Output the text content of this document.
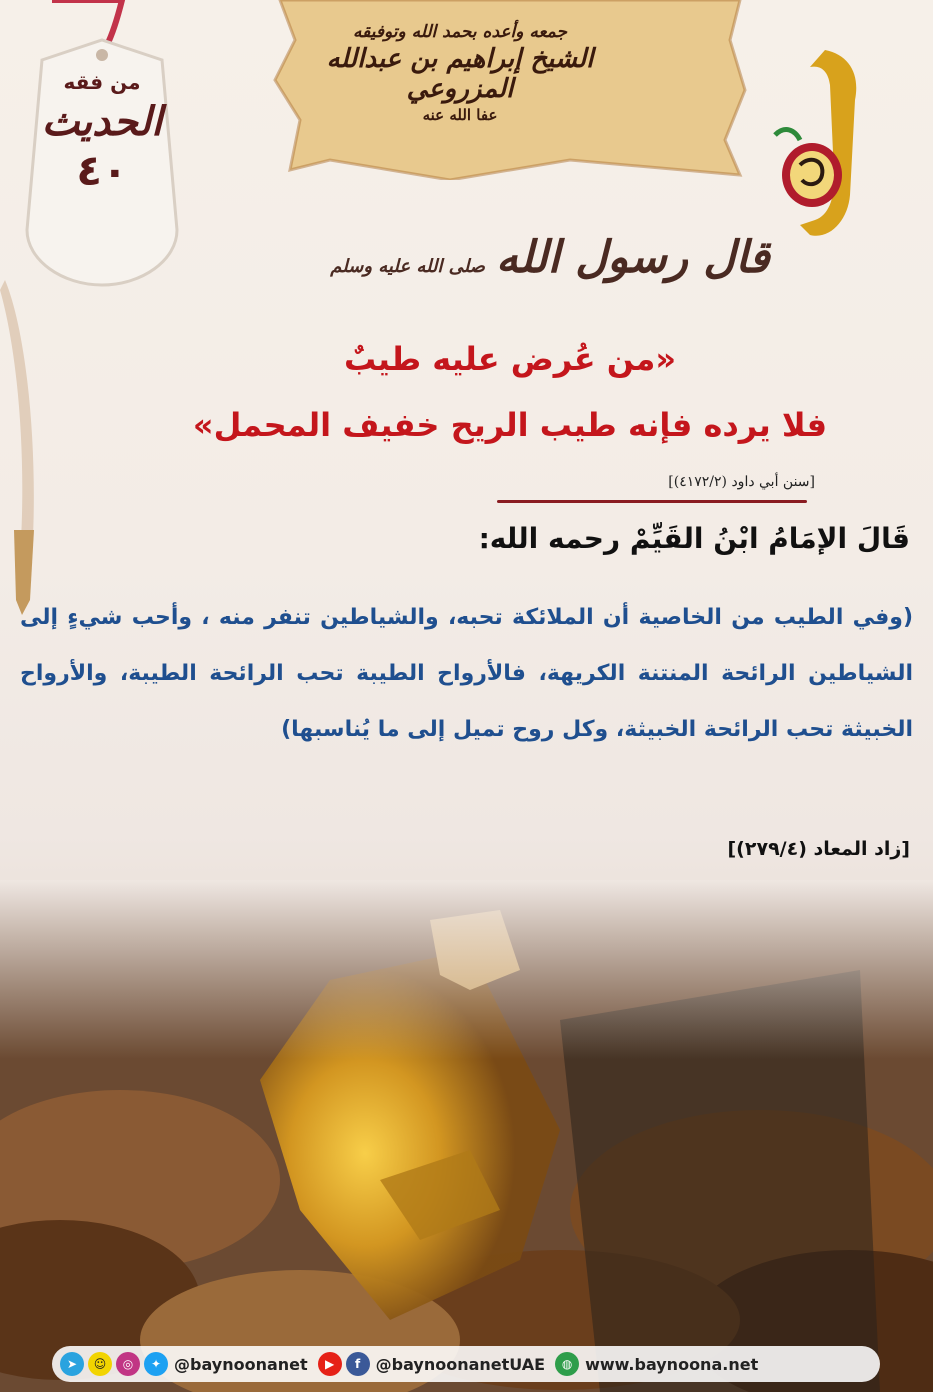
جمعه وأعده بحمد الله وتوفيقه
الشيخ إبراهيم بن عبدالله المزروعي
عفا الله عنه
من فقه
الحديث
٤٠
قال رسول الله صلى الله عليه وسلم
«من عُرض عليه طيبٌ
فلا يرده فإنه طيب الريح خفيف المحمل»
[سنن أبي داود (٤١٧٢/٢)]
قَالَ الإمَامُ ابْنُ القَيِّمْ رحمه الله:
(وفي الطيب من الخاصية أن الملائكة تحبه، والشياطين تنفر منه ، وأحب شيءٍ إلى الشياطين الرائحة المنتنة الكريهة، فالأرواح الطيبة تحب الرائحة الطيبة، والأرواح الخبيثة تحب الرائحة الخبيثة، وكل روح تميل إلى ما يُناسبها)
[زاد المعاد (٢٧٩/٤)]
➤	☺	◎	✦ @baynoonanet	▶	f @baynoonanetUAE	◍ www.baynoona.net
